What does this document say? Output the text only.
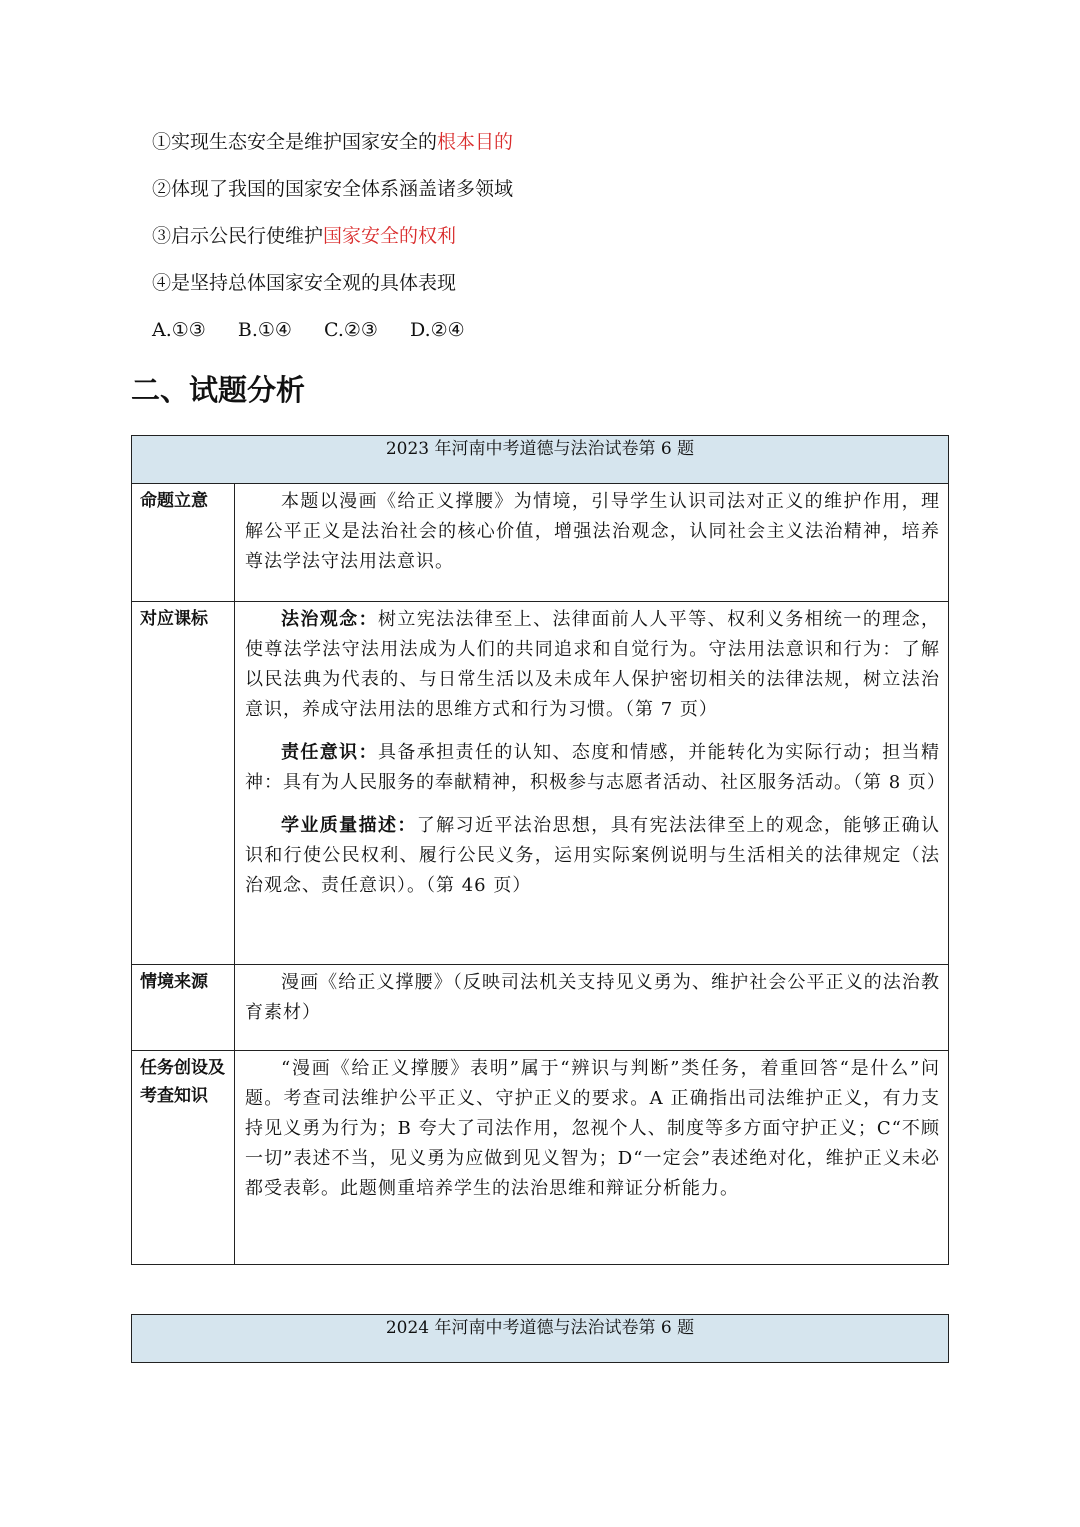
①实现生态安全是维护国家安全的根本目的
②体现了我国的国家安全体系涵盖诸多领域
③启示公民行使维护国家安全的权利
④是坚持总体国家安全观的具体表现
A.①③ B.①④ C.②③ D.②④
二、试题分析
2023 年河南中考道德与法治试卷第 6 题	
命题立意	本题以漫画《给正义撑腰》为情境，引导学生认识司法对正义的维护作用，理解公平正义是法治社会的核心价值，增强法治观念，认同社会主义法治精神，培养尊法学法守法用法意识。

对应课标	法治观念：树立宪法法律至上、法律面前人人平等、权利义务相统一的理念，使尊法学法守法用法成为人们的共同追求和自觉行为。守法用法意识和行为：了解以民法典为代表的、与日常生活以及未成年人保护密切相关的法律法规，树立法治意识，养成守法用法的思维方式和行为习惯。（第 7 页）

责任意识：具备承担责任的认知、态度和情感，并能转化为实际行动；担当精神：具有为人民服务的奉献精神，积极参与志愿者活动、社区服务活动。（第 8 页）

学业质量描述：了解习近平法治思想，具有宪法法律至上的观念，能够正确认识和行使公民权利、履行公民义务，运用实际案例说明与生活相关的法律规定（法治观念、责任意识）。（第 46 页）

情境来源	漫画《给正义撑腰》（反映司法机关支持见义勇为、维护社会公平正义的法治教育素材）

任务创设及考查知识	“漫画《给正义撑腰》表明”属于“辨识与判断”类任务，着重回答“是什么”问题。考查司法维护公平正义、守护正义的要求。A 正确指出司法维护正义，有力支持见义勇为行为；B 夸大了司法作用，忽视个人、制度等多方面守护正义；C“不顾一切”表述不当，见义勇为应做到见义智为；D“一定会”表述绝对化，维护正义未必都受表彰。此题侧重培养学生的法治思维和辩证分析能力。

2024 年河南中考道德与法治试卷第 6 题
